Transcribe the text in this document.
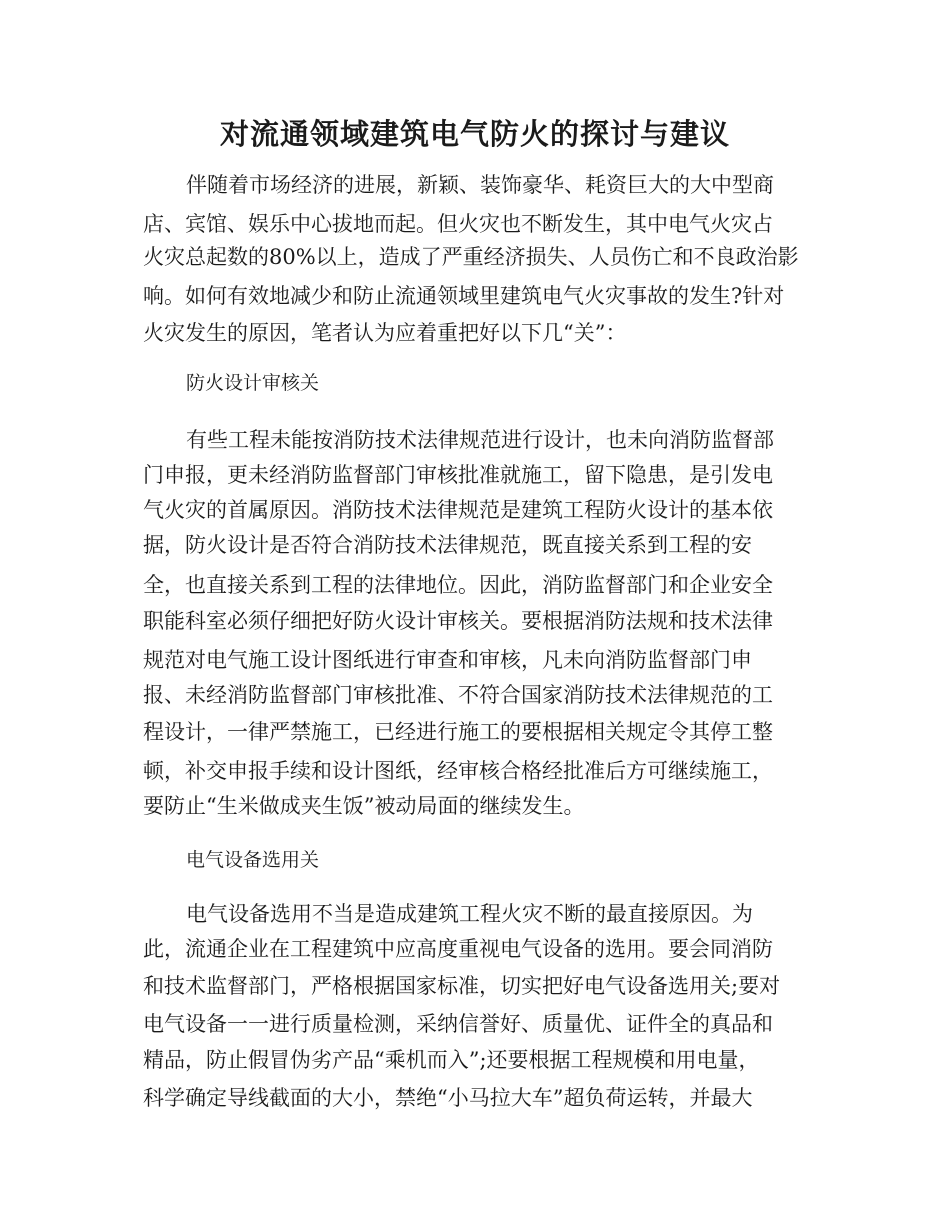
对流通领域建筑电气防火的探讨与建议

伴随着市场经济的进展，新颖、装饰豪华、耗资巨大的大中型商

店、宾馆、娱乐中心拔地而起。但火灾也不断发生，其中电气火灾占

火灾总起数的80%以上，造成了严重经济损失、人员伤亡和不良政治影

响。如何有效地减少和防止流通领域里建筑电气火灾事故的发生?针对

火灾发生的原因，笔者认为应着重把好以下几“关”：

防火设计审核关

有些工程未能按消防技术法律规范进行设计，也未向消防监督部

门申报，更未经消防监督部门审核批准就施工，留下隐患，是引发电

气火灾的首属原因。消防技术法律规范是建筑工程防火设计的基本依

据，防火设计是否符合消防技术法律规范，既直接关系到工程的安

全，也直接关系到工程的法律地位。因此，消防监督部门和企业安全

职能科室必须仔细把好防火设计审核关。要根据消防法规和技术法律

规范对电气施工设计图纸进行审查和审核，凡未向消防监督部门申

报、未经消防监督部门审核批准、不符合国家消防技术法律规范的工

程设计，一律严禁施工，已经进行施工的要根据相关规定令其停工整

顿，补交申报手续和设计图纸，经审核合格经批准后方可继续施工，

要防止“生米做成夹生饭”被动局面的继续发生。

电气设备选用关

电气设备选用不当是造成建筑工程火灾不断的最直接原因。为

此，流通企业在工程建筑中应高度重视电气设备的选用。要会同消防

和技术监督部门，严格根据国家标准，切实把好电气设备选用关;要对

电气设备一一进行质量检测，采纳信誉好、质量优、证件全的真品和

精品，防止假冒伪劣产品“乘机而入”;还要根据工程规模和用电量，

科学确定导线截面的大小，禁绝“小马拉大车”超负荷运转，并最大
